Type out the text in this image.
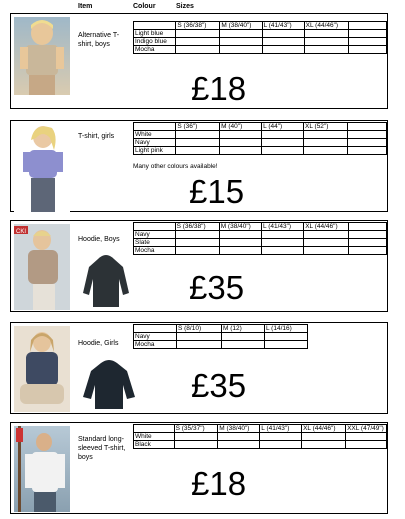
Item	Colour	Sizes
Alternative T-shirt, boys
	S (36/38")	M (38/40")	L (41/43")	XL (44/46")	
Light blue					
Indigo blue					
Mocha					
£18
T-shirt, girls
	S (36")	M (40")	L (44")	XL (52")	
White					
Navy					
Light pink					
Many other colours available!
£15
CKI
Hoodie, Boys
	S (36/38")	M (38/40")	L (41/43")	XL (44/46")	
Navy					
Slate					
Mocha					
£35
Hoodie, Girls
	S (8/10)	M (12)	L (14/16)
Navy			
Mocha			
£35
Standard long-sleeved T-shirt, boys
	S (35/37")	M (38/40")	L (41/43")	XL (44/46")	XXL (47/49")
White					
Black					
£18
